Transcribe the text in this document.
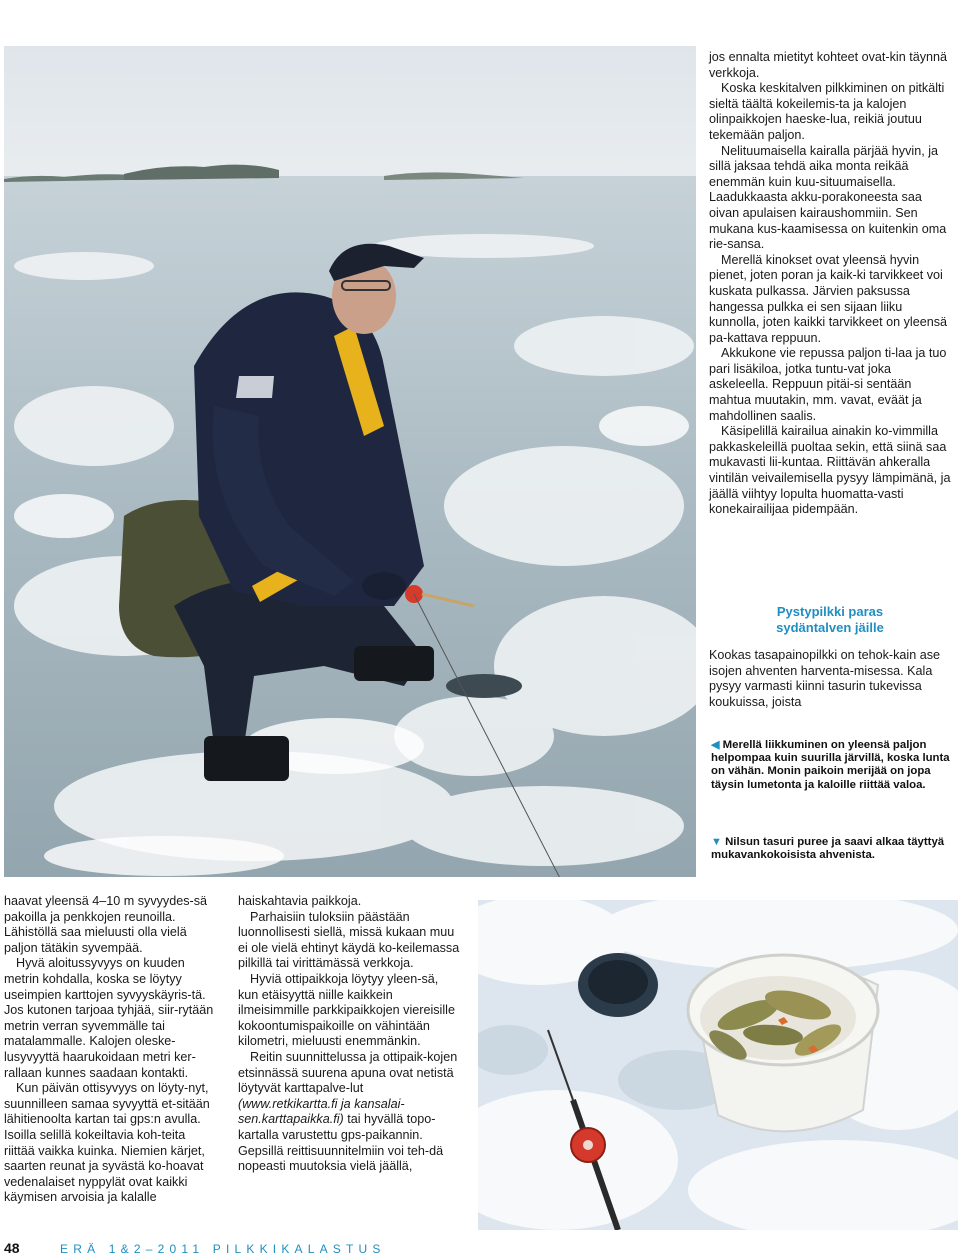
jos ennalta mietityt kohteet ovat-kin täynnä verkkoja.

Koska keskitalven pilkkiminen on pitkälti sieltä täältä kokeilemis-ta ja kalojen olinpaikkojen haeske-lua, reikiä joutuu tekemään paljon.

Nelituumaisella kairalla pärjää hyvin, ja sillä jaksaa tehdä aika monta reikää enemmän kuin kuu-situumaisella. Laadukkaasta akku-porakoneesta saa oivan apulaisen kairaushommiin. Sen mukana kus-kaamisessa on kuitenkin oma rie-sansa.

Merellä kinokset ovat yleensä hyvin pienet, joten poran ja kaik-ki tarvikkeet voi kuskata pulkassa. Järvien paksussa hangessa pulkka ei sen sijaan liiku kunnolla, joten kaikki tarvikkeet on yleensä pa-kattava reppuun.

Akkukone vie repussa paljon ti-laa ja tuo pari lisäkiloa, jotka tuntu-vat joka askeleella. Reppuun pitäi-si sentään mahtua muutakin, mm. vavat, eväät ja mahdollinen saalis.

Käsipelillä kairailua ainakin ko-vimmilla pakkaskeleillä puoltaa sekin, että siinä saa mukavasti lii-kuntaa. Riittävän ahkeralla vintilän veivailemisella pysyy lämpimänä, ja jäällä viihtyy lopulta huomatta-vasti konekairailijaa pidempään.

Pystypilkki paras
sydäntalven jäille

Kookas tasapainopilkki on tehok-kain ase isojen ahventen harventa-misessa. Kala pysyy varmasti kiinni tasurin tukevissa koukuissa, joista

◀ Merellä liikkuminen on yleensä paljon helpompaa kuin suurilla järvillä, koska lunta on vähän. Monin paikoin merijää on jopa täysin lumetonta ja kaloille riittää valoa.
▼ Nilsun tasuri puree ja saavi alkaa täyttyä mukavankokoisista ahvenista.

haavat yleensä 4–10 m syvyydes-sä pakoilla ja penkkojen reunoilla. Lähistöllä saa mieluusti olla vielä paljon tätäkin syvempää.

Hyvä aloitussyvyys on kuuden metrin kohdalla, koska se löytyy useimpien karttojen syvyyskäyris-tä. Jos kutonen tarjoaa tyhjää, siir-rytään metrin verran syvemmälle tai matalammalle. Kalojen oleske-lusyvyyttä haarukoidaan metri ker-rallaan kunnes saadaan kontakti.

Kun päivän ottisyvyys on löyty-nyt, suunnilleen samaa syvyyttä et-sitään lähitienoolta kartan tai gps:n avulla. Isoilla selillä kokeiltavia koh-teita riittää vaikka kuinka. Niemien kärjet, saarten reunat ja syvästä ko-hoavat vedenalaiset nyppylät ovat kaikki käymisen arvoisia ja kalalle

haiskahtavia paikkoja.

Parhaisiin tuloksiin päästään luonnollisesti siellä, missä kukaan muu ei ole vielä ehtinyt käydä ko-keilemassa pilkillä tai virittämässä verkkoja.

Hyviä ottipaikkoja löytyy yleen-sä, kun etäisyyttä niille kaikkein ilmeisimmille parkkipaikkojen viereisille kokoontumispaikoille on vähintään kilometri, mieluusti enemmänkin.

Reitin suunnittelussa ja ottipaik-kojen etsinnässä suurena apuna ovat netistä löytyvät karttapalve-lut (www.retkikartta.fi ja kansalai-sen.karttapaikka.fi) tai hyvällä topo-kartalla varustettu gps-paikannin. Gepsillä reittisuunnitelmiin voi teh-dä nopeasti muutoksia vielä jäällä,

48	ERÄ 1&2–2011 PILKKIKALASTUS
